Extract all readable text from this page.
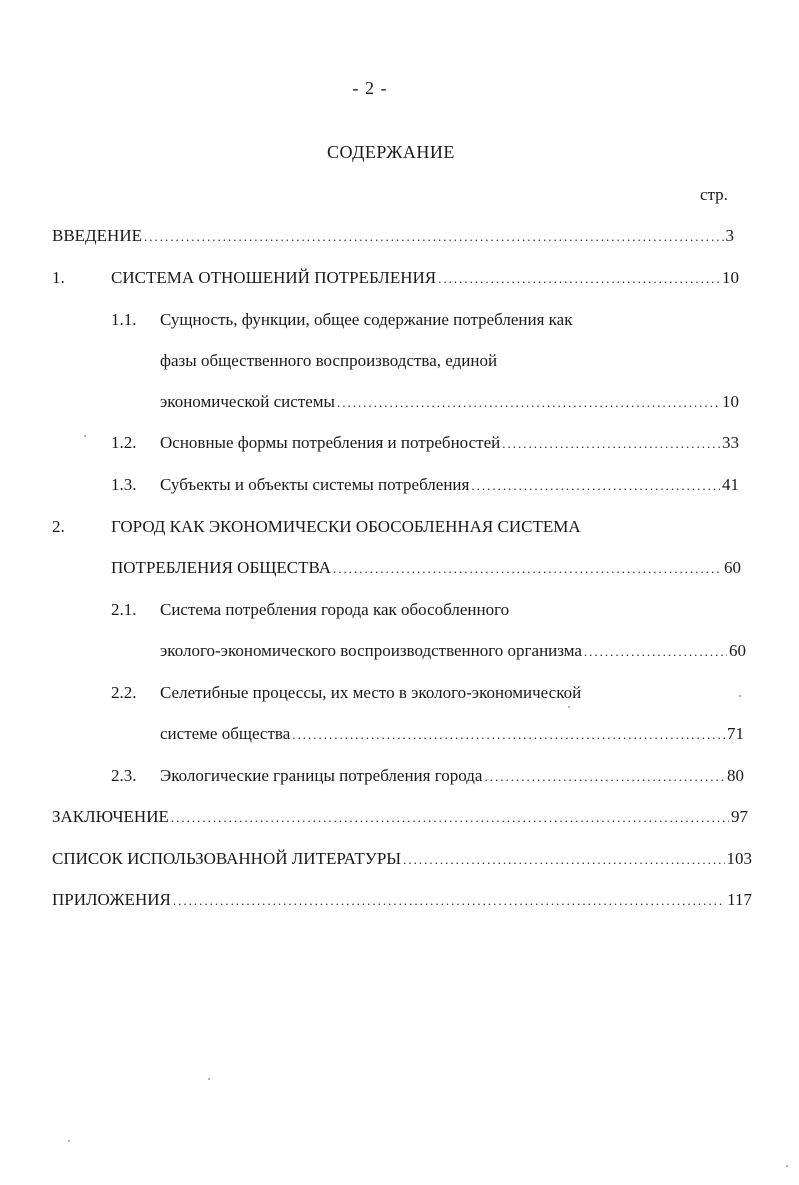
- 2 -
СОДЕРЖАНИЕ
стр.
ВВЕДЕНИЕ .....	3
1.	СИСТЕМА ОТНОШЕНИЙ ПОТРЕБЛЕНИЯ .....	10
1.1. Сущность, функции, общее содержание потребления как
фазы общественного воспроизводства, единой
экономической системы .....	10
1.2. Основные формы потребления и потребностей .....	33
1.3. Субъекты и объекты системы потребления .....	41
2.	ГОРОД КАК ЭКОНОМИЧЕСКИ ОБОСОБЛЕННАЯ СИСТЕМА
ПОТРЕБЛЕНИЯ ОБЩЕСТВА .....	60
2.1. Система потребления города как обособленного
эколого-экономического воспроизводственного организма .....	60
2.2. Селетибные процессы, их место в эколого-экономической
системе общества .....	71
2.3. Экологические границы потребления города .....	80
ЗАКЛЮЧЕНИЕ .....	97
СПИСОК ИСПОЛЬЗОВАННОЙ ЛИТЕРАТУРЫ .....	103
ПРИЛОЖЕНИЯ .....	117
